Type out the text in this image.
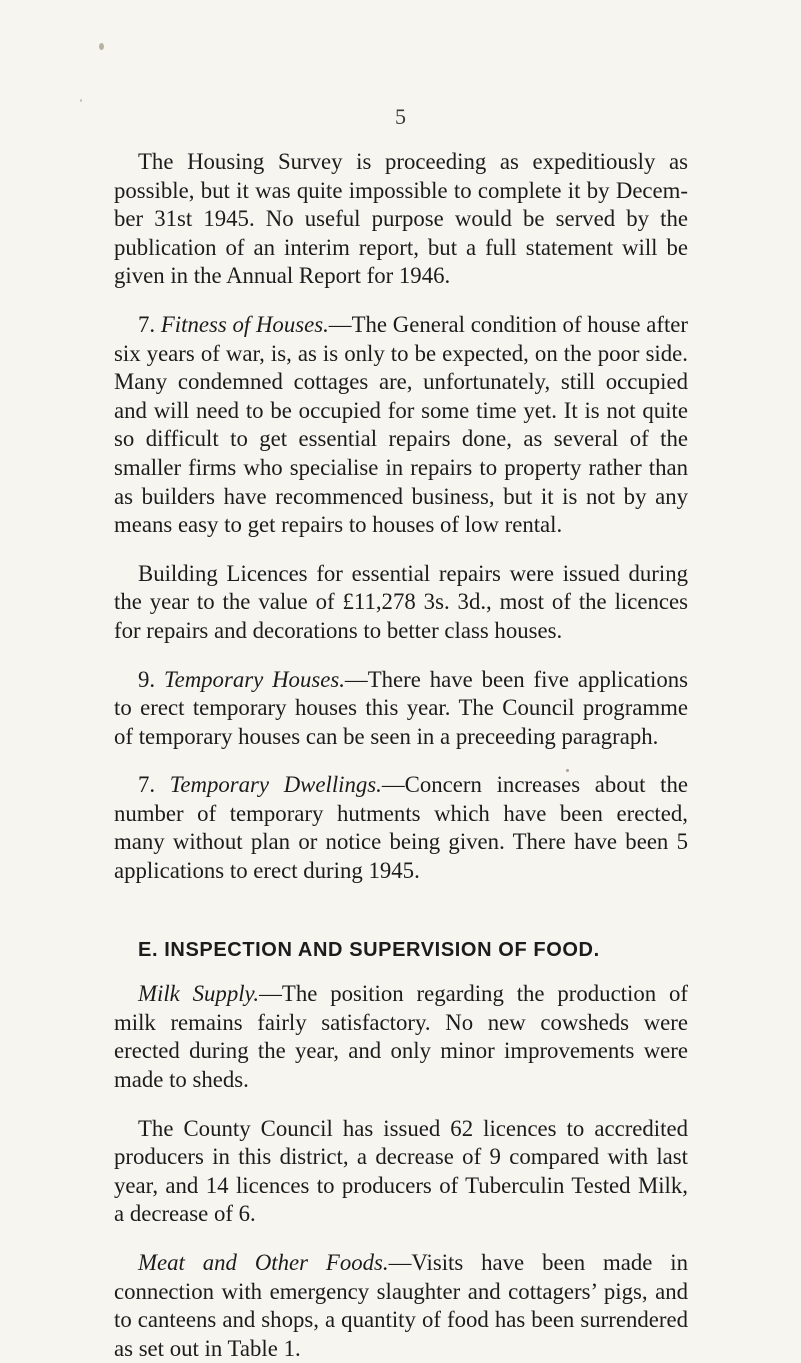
5

The Housing Survey is proceeding as expeditiously as possible, but it was quite impossible to complete it by December 31st 1945. No useful purpose would be served by the publication of an interim report, but a full statement will be given in the Annual Report for 1946.

7. Fitness of Houses.—The General condition of house after six years of war, is, as is only to be expected, on the poor side. Many condemned cottages are, unfortunately, still occupied and will need to be occupied for some time yet. It is not quite so difficult to get essential repairs done, as several of the smaller firms who specialise in repairs to property rather than as builders have recommenced business, but it is not by any means easy to get repairs to houses of low rental.

Building Licences for essential repairs were issued during the year to the value of £11,278 3s. 3d., most of the licences for repairs and decorations to better class houses.

9. Temporary Houses.—There have been five applications to erect temporary houses this year. The Council programme of temporary houses can be seen in a preceeding paragraph.

7. Temporary Dwellings.—Concern increases about the number of temporary hutments which have been erected, many without plan or notice being given. There have been 5 applications to erect during 1945.

E. INSPECTION AND SUPERVISION OF FOOD.

Milk Supply.—The position regarding the production of milk remains fairly satisfactory. No new cowsheds were erected during the year, and only minor improvements were made to sheds.

The County Council has issued 62 licences to accredited producers in this district, a decrease of 9 compared with last year, and 14 licences to producers of Tuberculin Tested Milk, a decrease of 6.

Meat and Other Foods.—Visits have been made in connection with emergency slaughter and cottagers’ pigs, and to canteens and shops, a quantity of food has been surrendered as set out in Table 1.
